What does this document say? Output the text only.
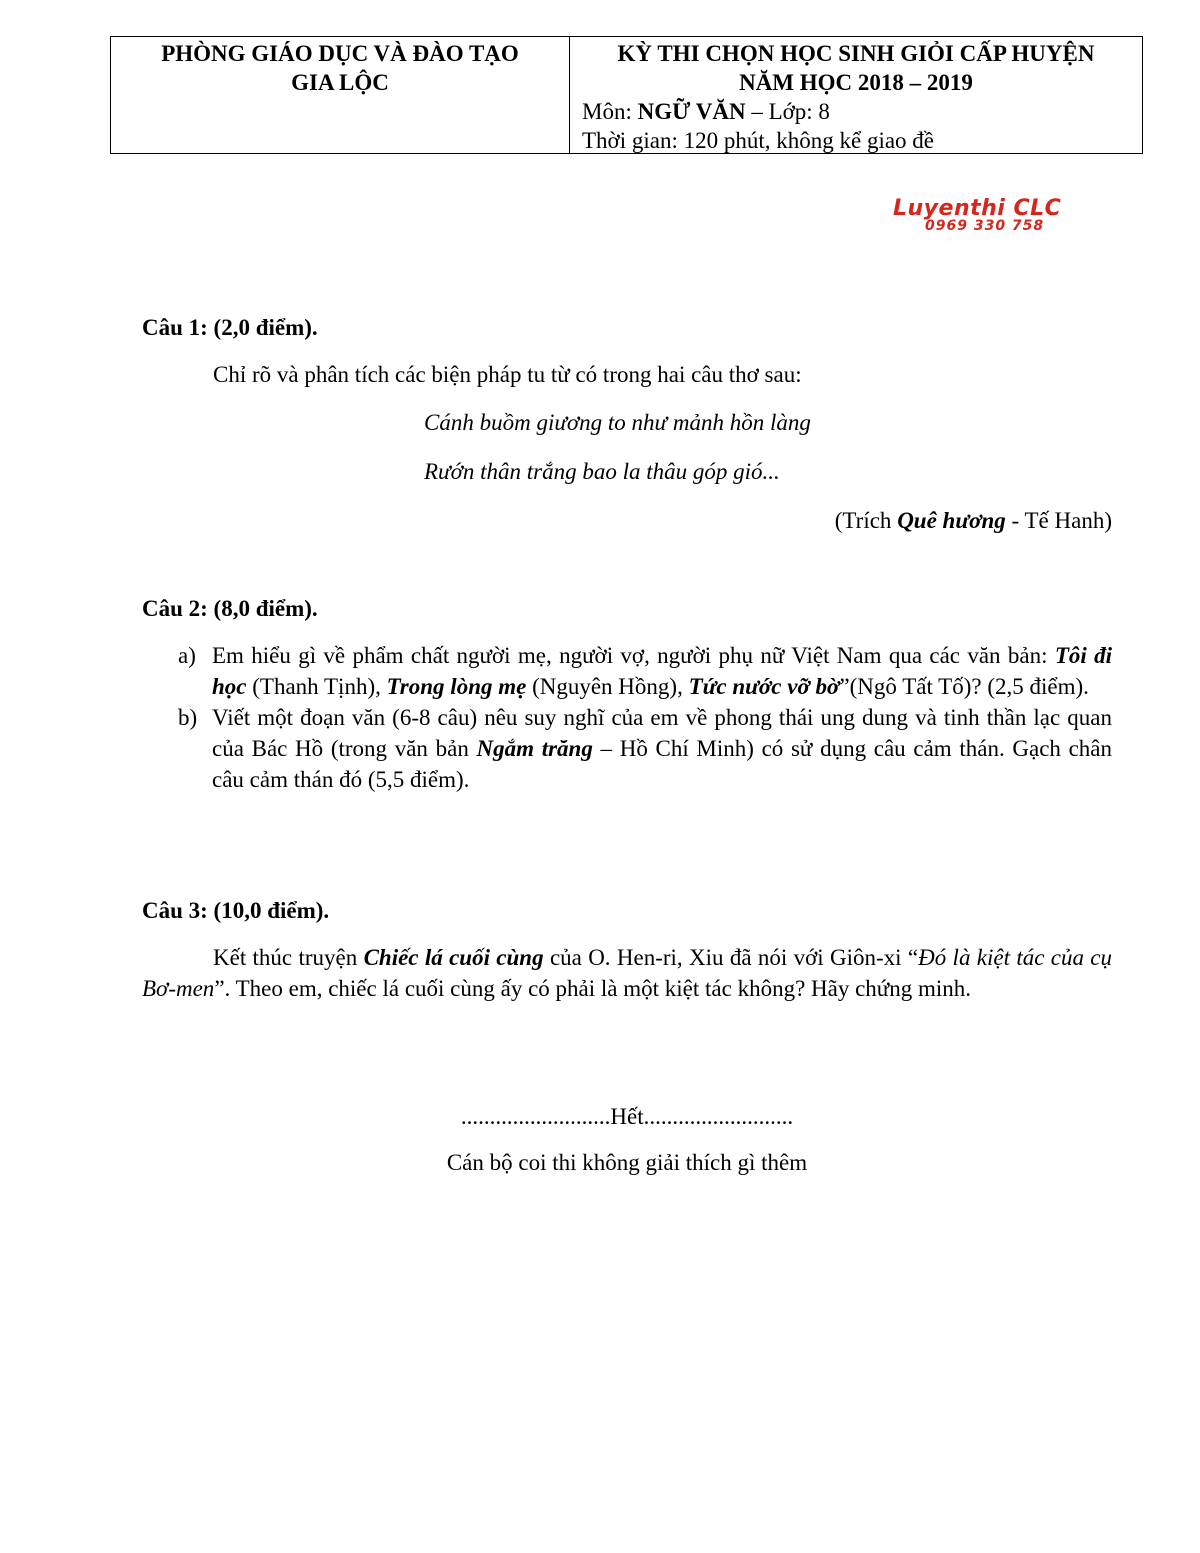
PHÒNG GIÁO DỤC VÀ ĐÀO TẠO
GIA LỘC
KỲ THI CHỌN HỌC SINH GIỎI CẤP HUYỆN
NĂM HỌC 2018 – 2019
Môn: NGỮ VĂN – Lớp: 8
Thời gian: 120 phút, không kể giao đề
Luyenthi CLC
0969 330 758
Câu 1: (2,0 điểm).
Chỉ rõ và phân tích các biện pháp tu từ có trong hai câu thơ sau:
Cánh buồm giương to như mảnh hồn làng
Rướn thân trắng bao la thâu góp gió...
(Trích Quê hương - Tế Hanh)
Câu 2: (8,0 điểm).
a) Em hiểu gì về phẩm chất người mẹ, người vợ, người phụ nữ Việt Nam qua các văn bản: Tôi đi học (Thanh Tịnh), Trong lòng mẹ (Nguyên Hồng), Tức nước vỡ bờ”(Ngô Tất Tố)? (2,5 điểm).
b) Viết một đoạn văn (6-8 câu) nêu suy nghĩ của em về phong thái ung dung và tinh thần lạc quan của Bác Hồ (trong văn bản Ngắm trăng – Hồ Chí Minh) có sử dụng câu cảm thán. Gạch chân câu cảm thán đó (5,5 điểm).
Câu 3: (10,0 điểm).
Kết thúc truyện Chiếc lá cuối cùng của O. Hen-ri, Xiu đã nói với Giôn-xi “Đó là kiệt tác của cụ Bơ-men”. Theo em, chiếc lá cuối cùng ấy có phải là một kiệt tác không? Hãy chứng minh.
..........................Hết..........................
Cán bộ coi thi không giải thích gì thêm
